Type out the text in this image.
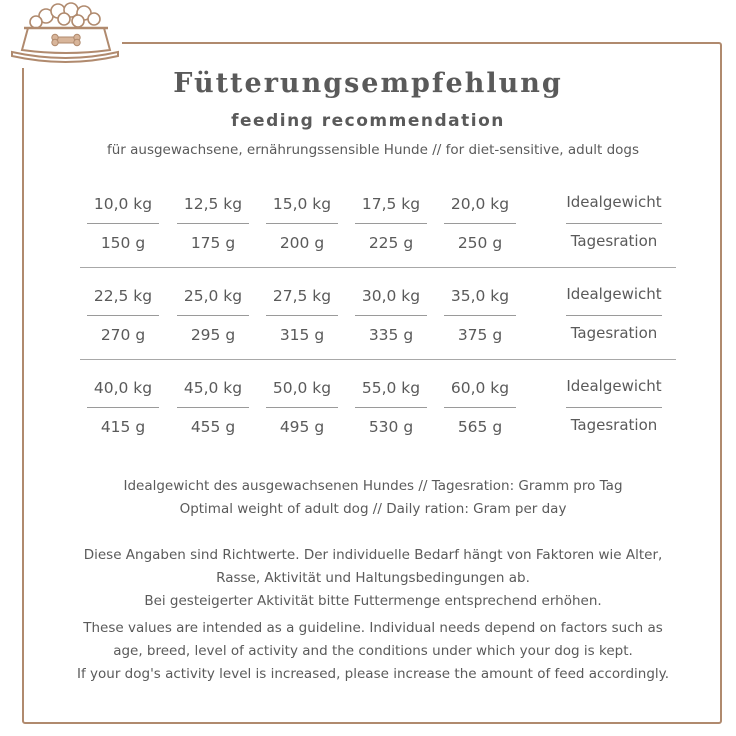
Fütterungsempfehlung
feeding recommendation
für ausgewachsene, ernährungssensible Hunde // for diet-sensitive, adult dogs
10,0 kg
150 g
12,5 kg
175 g
15,0 kg
200 g
17,5 kg
225 g
20,0 kg
250 g
Idealgewicht
Tagesration
22,5 kg
270 g
25,0 kg
295 g
27,5 kg
315 g
30,0 kg
335 g
35,0 kg
375 g
Idealgewicht
Tagesration
40,0 kg
415 g
45,0 kg
455 g
50,0 kg
495 g
55,0 kg
530 g
60,0 kg
565 g
Idealgewicht
Tagesration
Idealgewicht des ausgewachsenen Hundes // Tagesration: Gramm pro Tag
Optimal weight of adult dog // Daily ration: Gram per day
Diese Angaben sind Richtwerte. Der individuelle Bedarf hängt von Faktoren wie Alter,
Rasse, Aktivität und Haltungsbedingungen ab.
Bei gesteigerter Aktivität bitte Futtermenge entsprechend erhöhen.
These values are intended as a guideline. Individual needs depend on factors such as
age, breed, level of activity and the conditions under which your dog is kept.
If your dog's activity level is increased, please increase the amount of feed accordingly.
